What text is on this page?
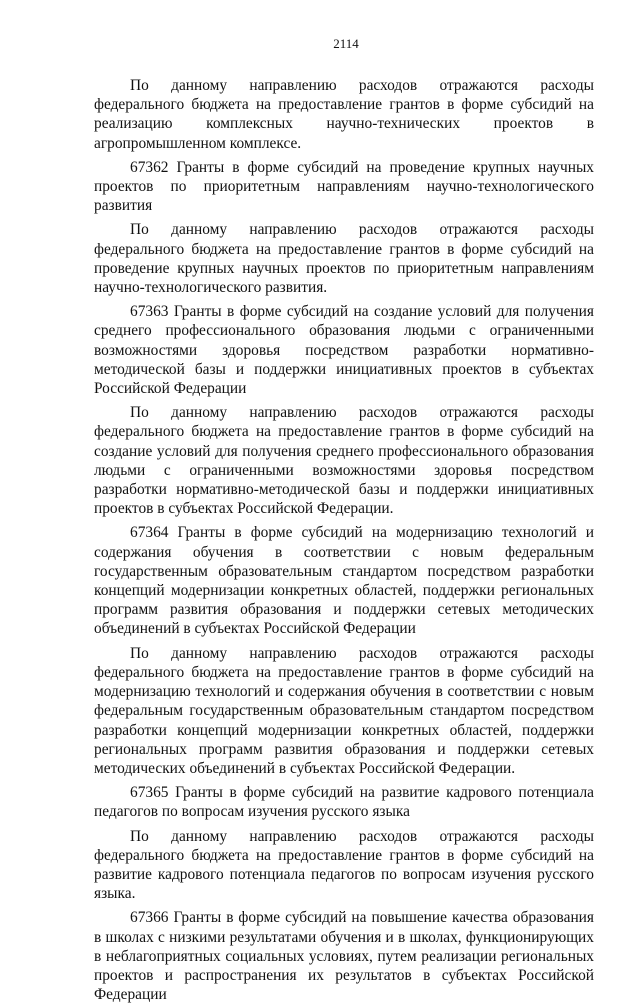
2114

По данному направлению расходов отражаются расходы федерального бюджета на предоставление грантов в форме субсидий на реализацию комплексных научно-технических проектов в агропромышленном комплексе.

67362 Гранты в форме субсидий на проведение крупных научных проектов по приоритетным направлениям научно-технологического развития

По данному направлению расходов отражаются расходы федерального бюджета на предоставление грантов в форме субсидий на проведение крупных научных проектов по приоритетным направлениям научно-технологического развития.

67363 Гранты в форме субсидий на создание условий для получения среднего профессионального образования людьми с ограниченными возможностями здоровья посредством разработки нормативно-методической базы и поддержки инициативных проектов в субъектах Российской Федерации

По данному направлению расходов отражаются расходы федерального бюджета на предоставление грантов в форме субсидий на создание условий для получения среднего профессионального образования людьми с ограниченными возможностями здоровья посредством разработки нормативно-методической базы и поддержки инициативных проектов в субъектах Российской Федерации.

67364 Гранты в форме субсидий на модернизацию технологий и содержания обучения в соответствии с новым федеральным государственным образовательным стандартом посредством разработки концепций модернизации конкретных областей, поддержки региональных программ развития образования и поддержки сетевых методических объединений в субъектах Российской Федерации

По данному направлению расходов отражаются расходы федерального бюджета на предоставление грантов в форме субсидий на модернизацию технологий и содержания обучения в соответствии с новым федеральным государственным образовательным стандартом посредством разработки концепций модернизации конкретных областей, поддержки региональных программ развития образования и поддержки сетевых методических объединений в субъектах Российской Федерации.

67365 Гранты в форме субсидий на развитие кадрового потенциала педагогов по вопросам изучения русского языка

По данному направлению расходов отражаются расходы федерального бюджета на предоставление грантов в форме субсидий на развитие кадрового потенциала педагогов по вопросам изучения русского языка.

67366 Гранты в форме субсидий на повышение качества образования в школах с низкими результатами обучения и в школах, функционирующих в неблагоприятных социальных условиях, путем реализации региональных проектов и распространения их результатов в субъектах Российской Федерации
